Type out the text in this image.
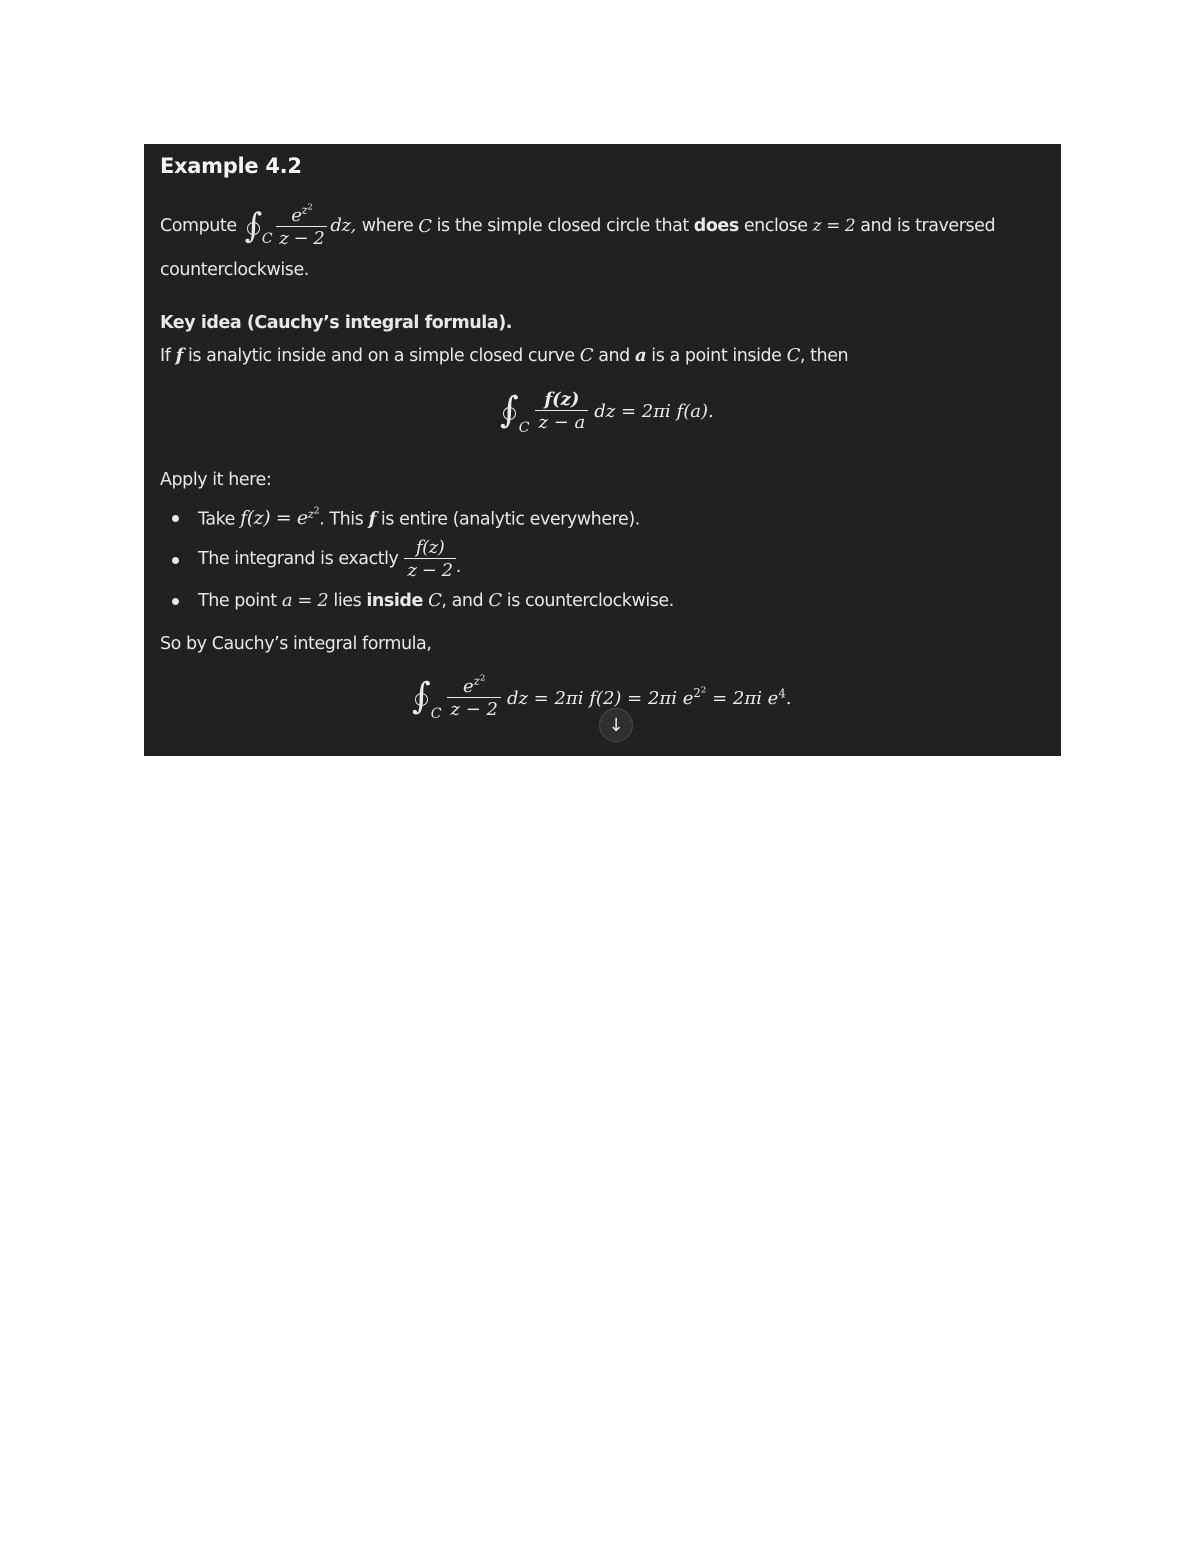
Example 4.2
Compute ∫ C $\frac{e^{z^2}}{z - 2}$ dz, where C is the simple closed circle that does enclose z = 2 and is traversed
counterclockwise.
Key idea (Cauchy’s integral formula).
If f is analytic inside and on a simple closed curve C and a is a point inside C, then
∫ C $\frac{f(z)}{z - a}$ dz = 2πi f(a).
Apply it here:
Take $f(z) = e^{z^2}$. This f is entire (analytic everywhere).
The integrand is exactly $\frac{f(z)}{z - 2}$ .
The point a = 2 lies inside C, and C is counterclockwise.
So by Cauchy’s integral formula,
∫ C $\frac{e^{z^2}}{z - 2}$ dz = 2πi f(2) = 2πi $e^{2^2} = 2\pi i$ $e^4$.
↓
